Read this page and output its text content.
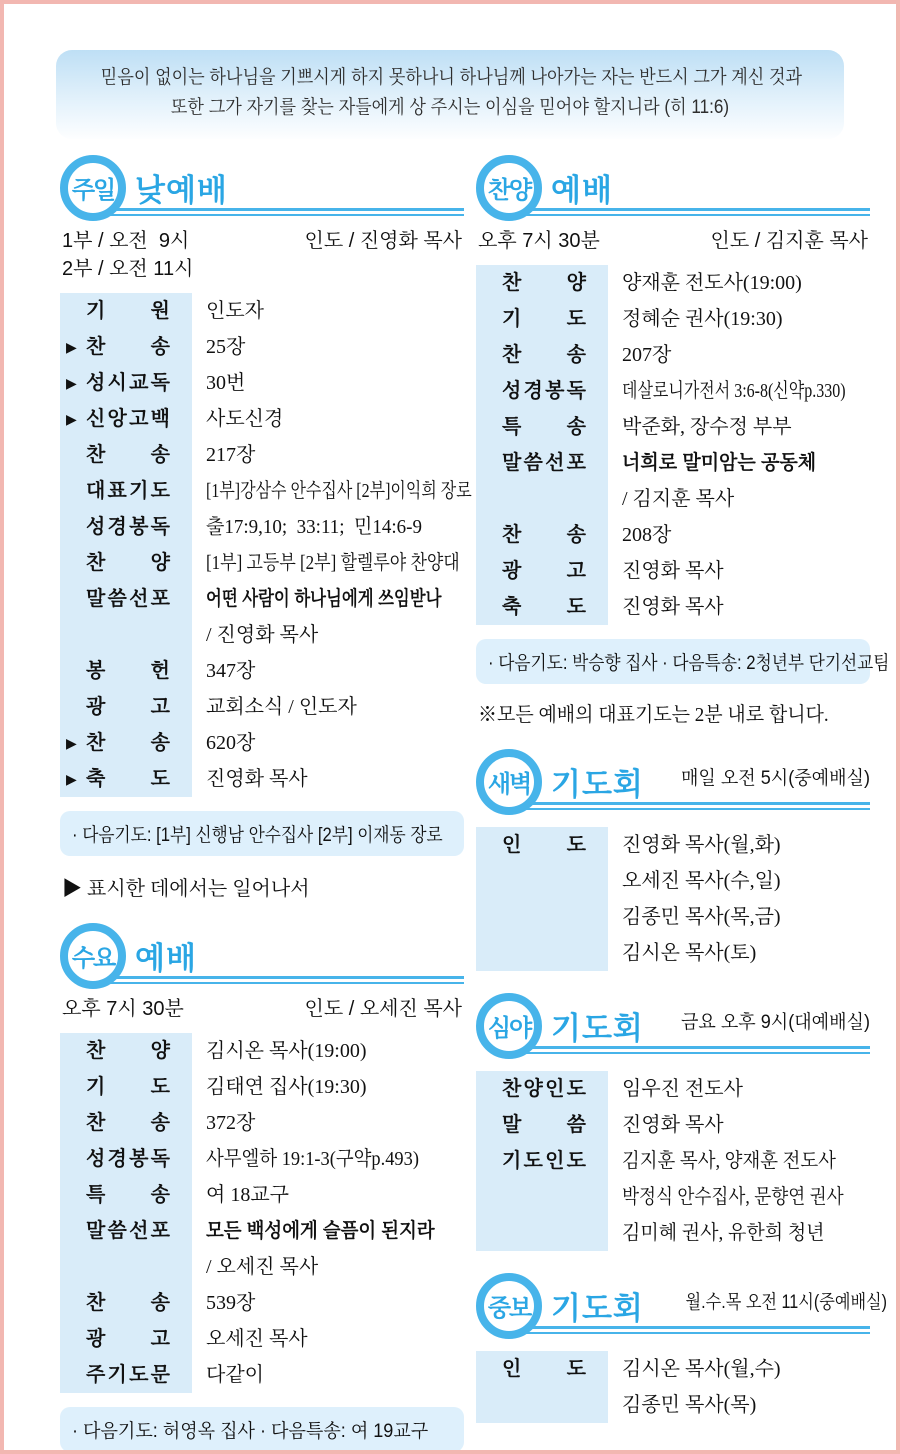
믿음이 없이는 하나님을 기쁘시게 하지 못하나니 하나님께 나아가는 자는 반드시 그가 계신 것과
또한 그가 자기를 찾는 자들에게 상 주시는 이심을 믿어야 할지니라 (히 11:6)
주일 낮예배
1부 / 오전  9시
2부 / 오전 11시
인도 / 진영화 목사
기 원 인도자
▶ 찬 송 25장
▶ 성 시 교 독 30번
▶ 신 앙 고 백 사도신경
찬 송 217장
대 표 기 도 [1부]강삼수 안수집사 [2부]이익희 장로
성 경 봉 독 출17:9,10;  33:11;  민14:6-9
찬 양 [1부] 고등부 [2부] 할렐루야 찬양대
말 씀 선 포 어떤 사람이 하나님에게 쓰임받나
/ 진영화 목사
봉 헌 347장
광 고 교회소식 / 인도자
▶ 찬 송 620장
▶ 축 도 진영화 목사
· 다음기도: [1부] 신행남 안수집사 [2부] 이재동 장로
▶ 표시한 데에서는 일어나서
수요 예배
오후 7시 30분	인도 / 오세진 목사
찬 양 김시온 목사(19:00)
기 도 김태연 집사(19:30)
찬 송 372장
성 경 봉 독 사무엘하 19:1-3(구약p.493)
특 송 여 18교구
말 씀 선 포 모든 백성에게 슬픔이 된지라
/ 오세진 목사
찬 송 539장
광 고 오세진 목사
주 기 도 문 다같이
· 다음기도: 허영옥 집사 · 다음특송: 여 19교구
찬양 예배
오후 7시 30분	인도 / 김지훈 목사
찬 양 양재훈 전도사(19:00)
기 도 정혜순 권사(19:30)
찬 송 207장
성 경 봉 독 데살로니가전서 3:6-8(신약p.330)
특 송 박준화, 장수정 부부
말 씀 선 포 너희로 말미암는 공동체
/ 김지훈 목사
찬 송 208장
광 고 진영화 목사
축 도 진영화 목사
· 다음기도: 박승향 집사 · 다음특송: 2청년부 단기선교팀
※모든 예배의 대표기도는 2분 내로 합니다.
새벽 기도회	매일 오전 5시(중예배실)
인 도 진영화 목사(월,화)
오세진 목사(수,일)
김종민 목사(목,금)
김시온 목사(토)
심야 기도회	금요 오후 9시(대예배실)
찬 양 인 도 임우진 전도사
말 씀 진영화 목사
기 도 인 도 김지훈 목사, 양재훈 전도사
박정식 안수집사, 문향연 권사
김미혜 권사, 유한희 청년
중보 기도회 월.수.목 오전 11시(중예배실)
인 도 김시온 목사(월,수)
김종민 목사(목)
